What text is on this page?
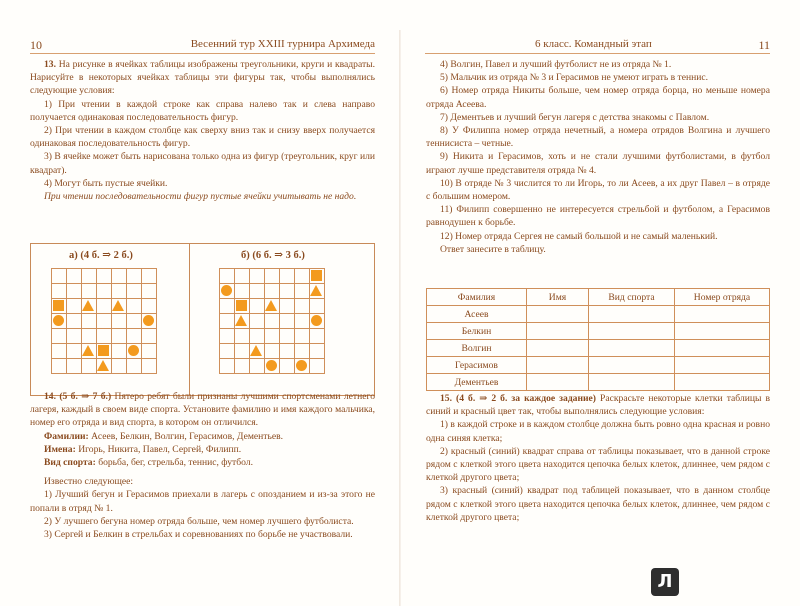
10	Весенний тур XXIII турнира Архимеда

13. На рисунке в ячейках таблицы изображены треугольники, круги и квадраты. Нарисуйте в некоторых ячейках таблицы эти фигуры так, чтобы выполнялись следующие условия:

1) При чтении в каждой строке как справа налево так и слева направо получается одинаковая последовательность фигур.

2) При чтении в каждом столбце как сверху вниз так и снизу вверх получается одинаковая последовательность фигур.

3) В ячейке может быть нарисована только одна из фигур (треугольник, круг или квадрат).

4) Могут быть пустые ячейки.

При чтении последовательности фигур пустые ячейки учитывать не надо.

а) (4 б. ⇒ 2 б.)

				б) (6 б. ⇒ 3 б.)

14. (5 б. ⇒ 7 б.) Пятеро ребят были признаны лучшими спортсменами летнего лагеря, каждый в своем виде спорта. Установите фамилию и имя каждого мальчика, номер его отряда и вид спорта, в котором он отличился.

Фамилии: Асеев, Белкин, Волгин, Герасимов, Дементьев.

Имена: Игорь, Никита, Павел, Сергей, Филипп.

Вид спорта: борьба, бег, стрельба, теннис, футбол.

Известно следующее:

1) Лучший бегун и Герасимов приехали в лагерь с опозданием и из-за этого не попали в отряд № 1.

2) У лучшего бегуна номер отряда больше, чем номер лучшего футболиста.

3) Сергей и Белкин в стрельбах и соревнованиях по борьбе не участвовали.

6 класс. Командный этап	11

4) Волгин, Павел и лучший футболист не из отряда № 1.

5) Мальчик из отряда № 3 и Герасимов не умеют играть в теннис.

6) Номер отряда Никиты больше, чем номер отряда борца, но меньше номера отряда Асеева.

7) Дементьев и лучший бегун лагеря с детства знакомы с Павлом.

8) У Филиппа номер отряда нечетный, а номера отрядов Волгина и лучшего теннисиста – четные.

9) Никита и Герасимов, хоть и не стали лучшими футболистами, в футбол играют лучше представителя отряда № 4.

10) В отряде № 3 числится то ли Игорь, то ли Асеев, а их друг Павел – в отряде с большим номером.

11) Филипп совершенно не интересуется стрельбой и футболом, а Герасимов равнодушен к борьбе.

12) Номер отряда Сергея не самый большой и не самый маленький.

Ответ занесите в таблицу.

Фамилия	Имя	Вид спорта	Номер отряда
Асеев			
Белкин			
Волгин			
Герасимов			
Дементьев			

15. (4 б. ⇒ 2 б. за каждое задание) Раскрасьте некоторые клетки таблицы в синий и красный цвет так, чтобы выполнялись следующие условия:

1) в каждой строке и в каждом столбце должна быть ровно одна красная и ровно одна синяя клетка;

2) красный (синий) квадрат справа от таблицы показывает, что в данной строке рядом с клеткой этого цвета находится цепочка белых клеток, длиннее, чем рядом с клеткой другого цвета;

3) красный (синий) квадрат под таблицей показывает, что в данном столбце рядом с клеткой этого цвета находится цепочка белых клеток, длиннее, чем рядом с клеткой другого цвета;

Л
